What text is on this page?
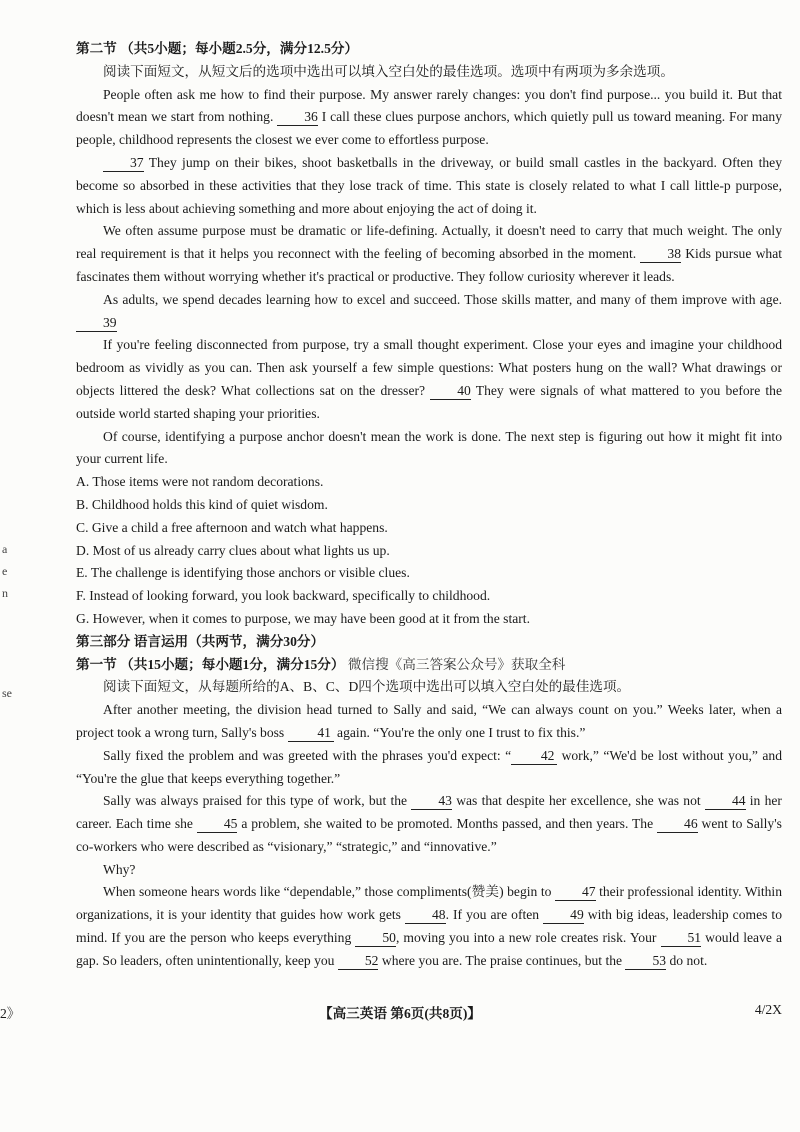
a
e
n
se

第二节 （共5小题；每小题2.5分，满分12.5分）

阅读下面短文，从短文后的选项中选出可以填入空白处的最佳选项。选项中有两项为多余选项。

People often ask me how to find their purpose. My answer rarely changes: you don't find purpose... you build it. But that doesn't mean we start from nothing. 36 I call these clues purpose anchors, which quietly pull us toward meaning. For many people, childhood represents the closest we ever come to effortless purpose.

37 They jump on their bikes, shoot basketballs in the driveway, or build small castles in the backyard. Often they become so absorbed in these activities that they lose track of time. This state is closely related to what I call little-p purpose, which is less about achieving something and more about enjoying the act of doing it.

We often assume purpose must be dramatic or life-defining. Actually, it doesn't need to carry that much weight. The only real requirement is that it helps you reconnect with the feeling of becoming absorbed in the moment. 38 Kids pursue what fascinates them without worrying whether it's practical or productive. They follow curiosity wherever it leads.

As adults, we spend decades learning how to excel and succeed. Those skills matter, and many of them improve with age. 39

If you're feeling disconnected from purpose, try a small thought experiment. Close your eyes and imagine your childhood bedroom as vividly as you can. Then ask yourself a few simple questions: What posters hung on the wall? What drawings or objects littered the desk? What collections sat on the dresser? 40 They were signals of what mattered to you before the outside world started shaping your priorities.

Of course, identifying a purpose anchor doesn't mean the work is done. The next step is figuring out how it might fit into your current life.

A. Those items were not random decorations.

B. Childhood holds this kind of quiet wisdom.

C. Give a child a free afternoon and watch what happens.

D. Most of us already carry clues about what lights us up.

E. The challenge is identifying those anchors or visible clues.

F. Instead of looking forward, you look backward, specifically to childhood.

G. However, when it comes to purpose, we may have been good at it from the start.

第三部分 语言运用（共两节，满分30分）

第一节 （共15小题；每小题1分，满分15分） 微信搜《高三答案公众号》获取全科

阅读下面短文，从每题所给的A、B、C、D四个选项中选出可以填入空白处的最佳选项。

After another meeting, the division head turned to Sally and said, “We can always count on you.” Weeks later, when a project took a wrong turn, Sally's boss 41 again. “You're the only one I trust to fix this.”

Sally fixed the problem and was greeted with the phrases you'd expect: “ 42 work,” “We'd be lost without you,” and “You're the glue that keeps everything together.”

Sally was always praised for this type of work, but the 43 was that despite her excellence, she was not 44 in her career. Each time she 45 a problem, she waited to be promoted. Months passed, and then years. The 46 went to Sally's co-workers who were described as “visionary,” “strategic,” and “innovative.”

Why?

When someone hears words like “dependable,” those compliments(赞美) begin to 47 their professional identity. Within organizations, it is your identity that guides how work gets 48. If you are often 49 with big ideas, leadership comes to mind. If you are the person who keeps everything 50, moving you into a new role creates risk. Your 51 would leave a gap. So leaders, often unintentionally, keep you 52 where you are. The praise continues, but the 53 do not.

2》	【高三英语 第6页(共8页)】	4/2X
